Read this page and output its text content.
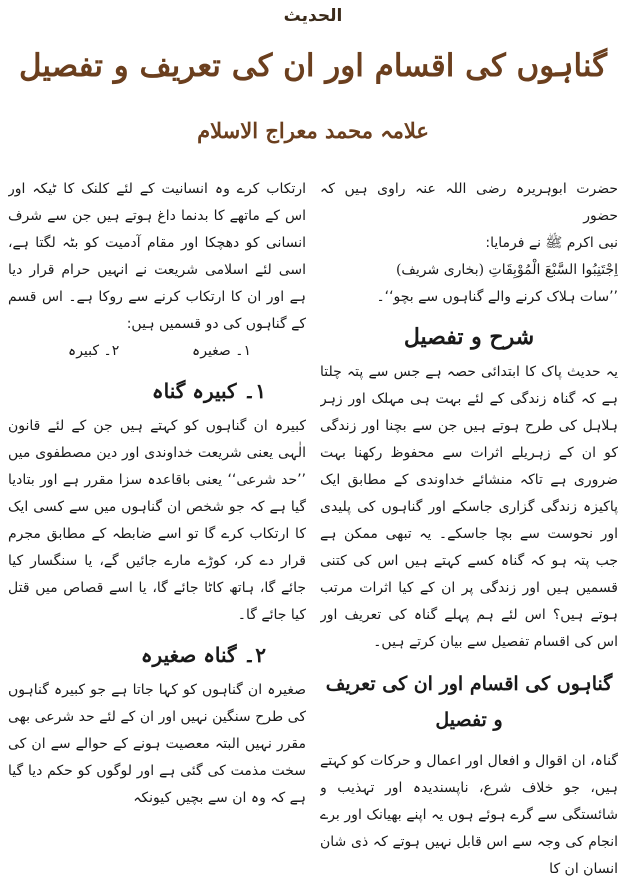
الحدیث
گناہوں کی اقسام اور ان کی تعریف و تفصیل
علامہ محمد معراج الاسلام

حضرت ابوہریرہ رضی اللہ عنہ راوی ہیں کہ حضور

نبی اکرم ﷺ نے فرمایا:

اِجْتَنِبُوا السَّبْعَ الْمُوْبِقَاتِ (بخاری شریف)

’’سات ہلاک کرنے والے گناہوں سے بچو‘‘۔

شرح و تفصیل

یہ حدیث پاک کا ابتدائی حصہ ہے جس سے پتہ چلتا ہے کہ گناہ زندگی کے لئے بہت ہی مہلک اور زہر ہلاہل کی طرح ہوتے ہیں جن سے بچنا اور زندگی کو ان کے زہریلے اثرات سے محفوظ رکھنا بہت ضروری ہے تاکہ منشائے خداوندی کے مطابق ایک پاکیزہ زندگی گزاری جاسکے اور گناہوں کی پلیدی اور نحوست سے بچا جاسکے۔ یہ تبھی ممکن ہے جب پتہ ہو کہ گناہ کسے کہتے ہیں اس کی کتنی قسمیں ہیں اور زندگی پر ان کے کیا اثرات مرتب ہوتے ہیں؟ اس لئے ہم پہلے گناہ کی تعریف اور اس کی اقسام تفصیل سے بیان کرتے ہیں۔

گناہوں کی اقسام اور ان کی تعریف و تفصیل

گناہ، ان اقوال و افعال اور اعمال و حرکات کو کہتے ہیں، جو خلاف شرع، ناپسندیدہ اور تہذیب و شائستگی سے گرے ہوئے ہوں یہ اپنے بھیانک اور برے انجام کی وجہ سے اس قابل نہیں ہوتے کہ ذی شان انسان ان کا

ارتکاب کرے وہ انسانیت کے لئے کلنک کا ٹیکہ اور اس کے ماتھے کا بدنما داغ ہوتے ہیں جن سے شرف انسانی کو دھچکا اور مقام آدمیت کو بٹہ لگتا ہے، اسی لئے اسلامی شریعت نے انہیں حرام قرار دیا ہے اور ان کا ارتکاب کرنے سے روکا ہے۔ اس قسم کے گناہوں کی دو قسمیں ہیں:

۱۔ صغیرہ
۲۔ کبیرہ
۱۔ کبیرہ گناہ

کبیرہ ان گناہوں کو کہتے ہیں جن کے لئے قانون الٰہی یعنی شریعت خداوندی اور دین مصطفوی میں ’’حد شرعی‘‘ یعنی باقاعدہ سزا مقرر ہے اور بتادیا گیا ہے کہ جو شخص ان گناہوں میں سے کسی ایک کا ارتکاب کرے گا تو اسے ضابطہ کے مطابق مجرم قرار دے کر، کوڑے مارے جائیں گے، یا سنگسار کیا جائے گا، ہاتھ کاٹا جائے گا، یا اسے قصاص میں قتل کیا جائے گا۔

۲۔ گناہ صغیرہ

صغیرہ ان گناہوں کو کہا جاتا ہے جو کبیرہ گناہوں کی طرح سنگین نہیں اور ان کے لئے حد شرعی بھی مقرر نہیں البتہ معصیت ہونے کے حوالے سے ان کی سخت مذمت کی گئی ہے اور لوگوں کو حکم دیا گیا ہے کہ وہ ان سے بچیں کیونکہ
